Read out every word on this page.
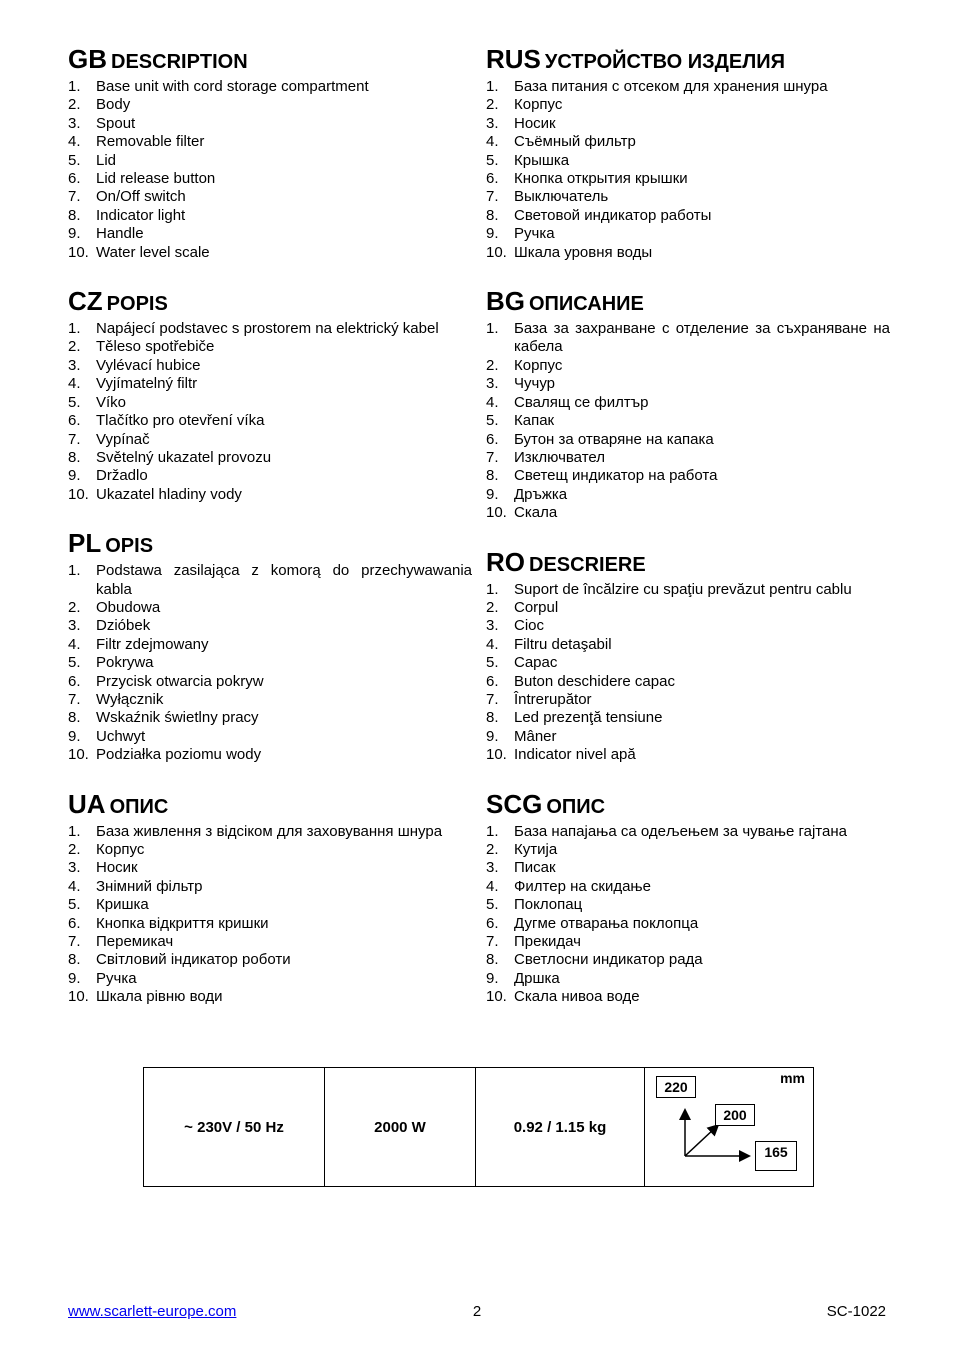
GB DESCRIPTION
1. Base unit with cord storage compartment
2. Body
3. Spout
4. Removable filter
5. Lid
6. Lid release button
7. On/Off switch
8. Indicator light
9. Handle
10. Water level scale
CZ POPIS
1. Napájecí podstavec s prostorem na elektrický kabel
2. Těleso spotřebiče
3. Vylévací hubice
4. Vyjímatelný filtr
5. Víko
6. Tlačítko pro otevření víka
7. Vypínač
8. Světelný ukazatel provozu
9. Držadlo
10. Ukazatel hladiny vody
PL OPIS
1. Podstawa zasilająca z komorą do przechywawania kabla
2. Obudowa
3. Dzióbek
4. Filtr zdejmowany
5. Pokrywa
6. Przycisk otwarcia pokryw
7. Wyłącznik
8. Wskaźnik świetlny pracy
9. Uchwyt
10. Podziałka poziomu wody
UA ОПИС
1. База живлення з відсіком для заховування шнура
2. Корпус
3. Носик
4. Знімний фільтр
5. Кришка
6. Кнопка відкриття кришки
7. Перемикач
8. Світловий індикатор роботи
9. Ручка
10. Шкала рівню води
RUS УСТРОЙСТВО ИЗДЕЛИЯ
1. База питания с отсеком для хранения шнура
2. Корпус
3. Носик
4. Съёмный фильтр
5. Крышка
6. Кнопка открытия крышки
7. Выключатель
8. Световой индикатор работы
9. Ручка
10. Шкала уровня воды
BG ОПИСАНИЕ
1. База за захранване с отделение за съхраняване на кабела
2. Корпус
3. Чучур
4. Свалящ се филтър
5. Капак
6. Бутон за отваряне на капака
7. Изключвател
8. Светещ индикатор на работа
9. Дръжка
10. Скала
RO DESCRIERE
1. Suport de încălzire cu spaţiu prevăzut pentru cablu
2. Corpul
3. Cioc
4. Filtru detaşabil
5. Capac
6. Buton deschidere capac
7. Întrerupător
8. Led prezenţă tensiune
9. Mâner
10. Indicator nivel apă
SCG ОПИС
1. База напајања са одељењем за чување гајтана
2. Кутија
3. Писак
4. Филтер на скидање
5. Поклопац
6. Дугме отварања поклопца
7. Прекидач
8. Светлосни индикатор рада
9. Дршка
10. Скала нивоа воде
~ 230V / 50 Hz	2000 W	0.92 / 1.15 kg	
mm
220
200
165
www.scarlett-europe.com	2	SC-1022
